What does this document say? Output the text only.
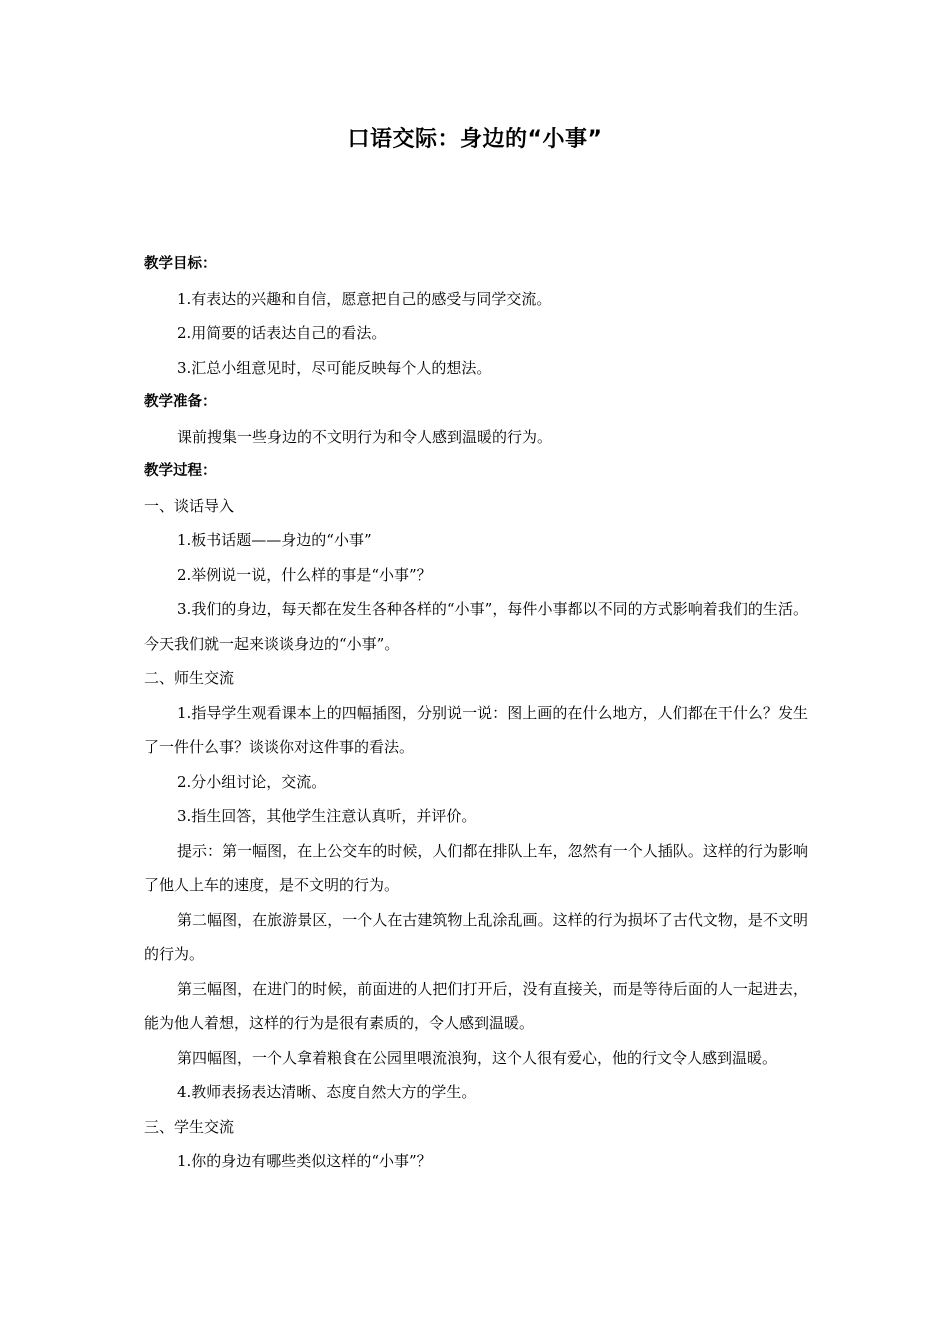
口语交际：身边的“小事”

教学目标：

1.有表达的兴趣和自信，愿意把自己的感受与同学交流。

2.用简要的话表达自己的看法。

3.汇总小组意见时，尽可能反映每个人的想法。

教学准备：

课前搜集一些身边的不文明行为和令人感到温暖的行为。

教学过程：

一、谈话导入

1.板书话题——身边的“小事”

2.举例说一说，什么样的事是“小事”？

3.我们的身边，每天都在发生各种各样的“小事”，每件小事都以不同的方式影响着我们的生活。今天我们就一起来谈谈身边的“小事”。

二、师生交流

1.指导学生观看课本上的四幅插图，分别说一说：图上画的在什么地方，人们都在干什么？发生了一件什么事？谈谈你对这件事的看法。

2.分小组讨论，交流。

3.指生回答，其他学生注意认真听，并评价。

提示：第一幅图，在上公交车的时候，人们都在排队上车，忽然有一个人插队。这样的行为影响了他人上车的速度，是不文明的行为。

第二幅图，在旅游景区，一个人在古建筑物上乱涂乱画。这样的行为损坏了古代文物，是不文明的行为。

第三幅图，在进门的时候，前面进的人把们打开后，没有直接关，而是等待后面的人一起进去，能为他人着想，这样的行为是很有素质的，令人感到温暖。

第四幅图，一个人拿着粮食在公园里喂流浪狗，这个人很有爱心，他的行文令人感到温暖。

4.教师表扬表达清晰、态度自然大方的学生。

三、学生交流

1.你的身边有哪些类似这样的“小事”？
